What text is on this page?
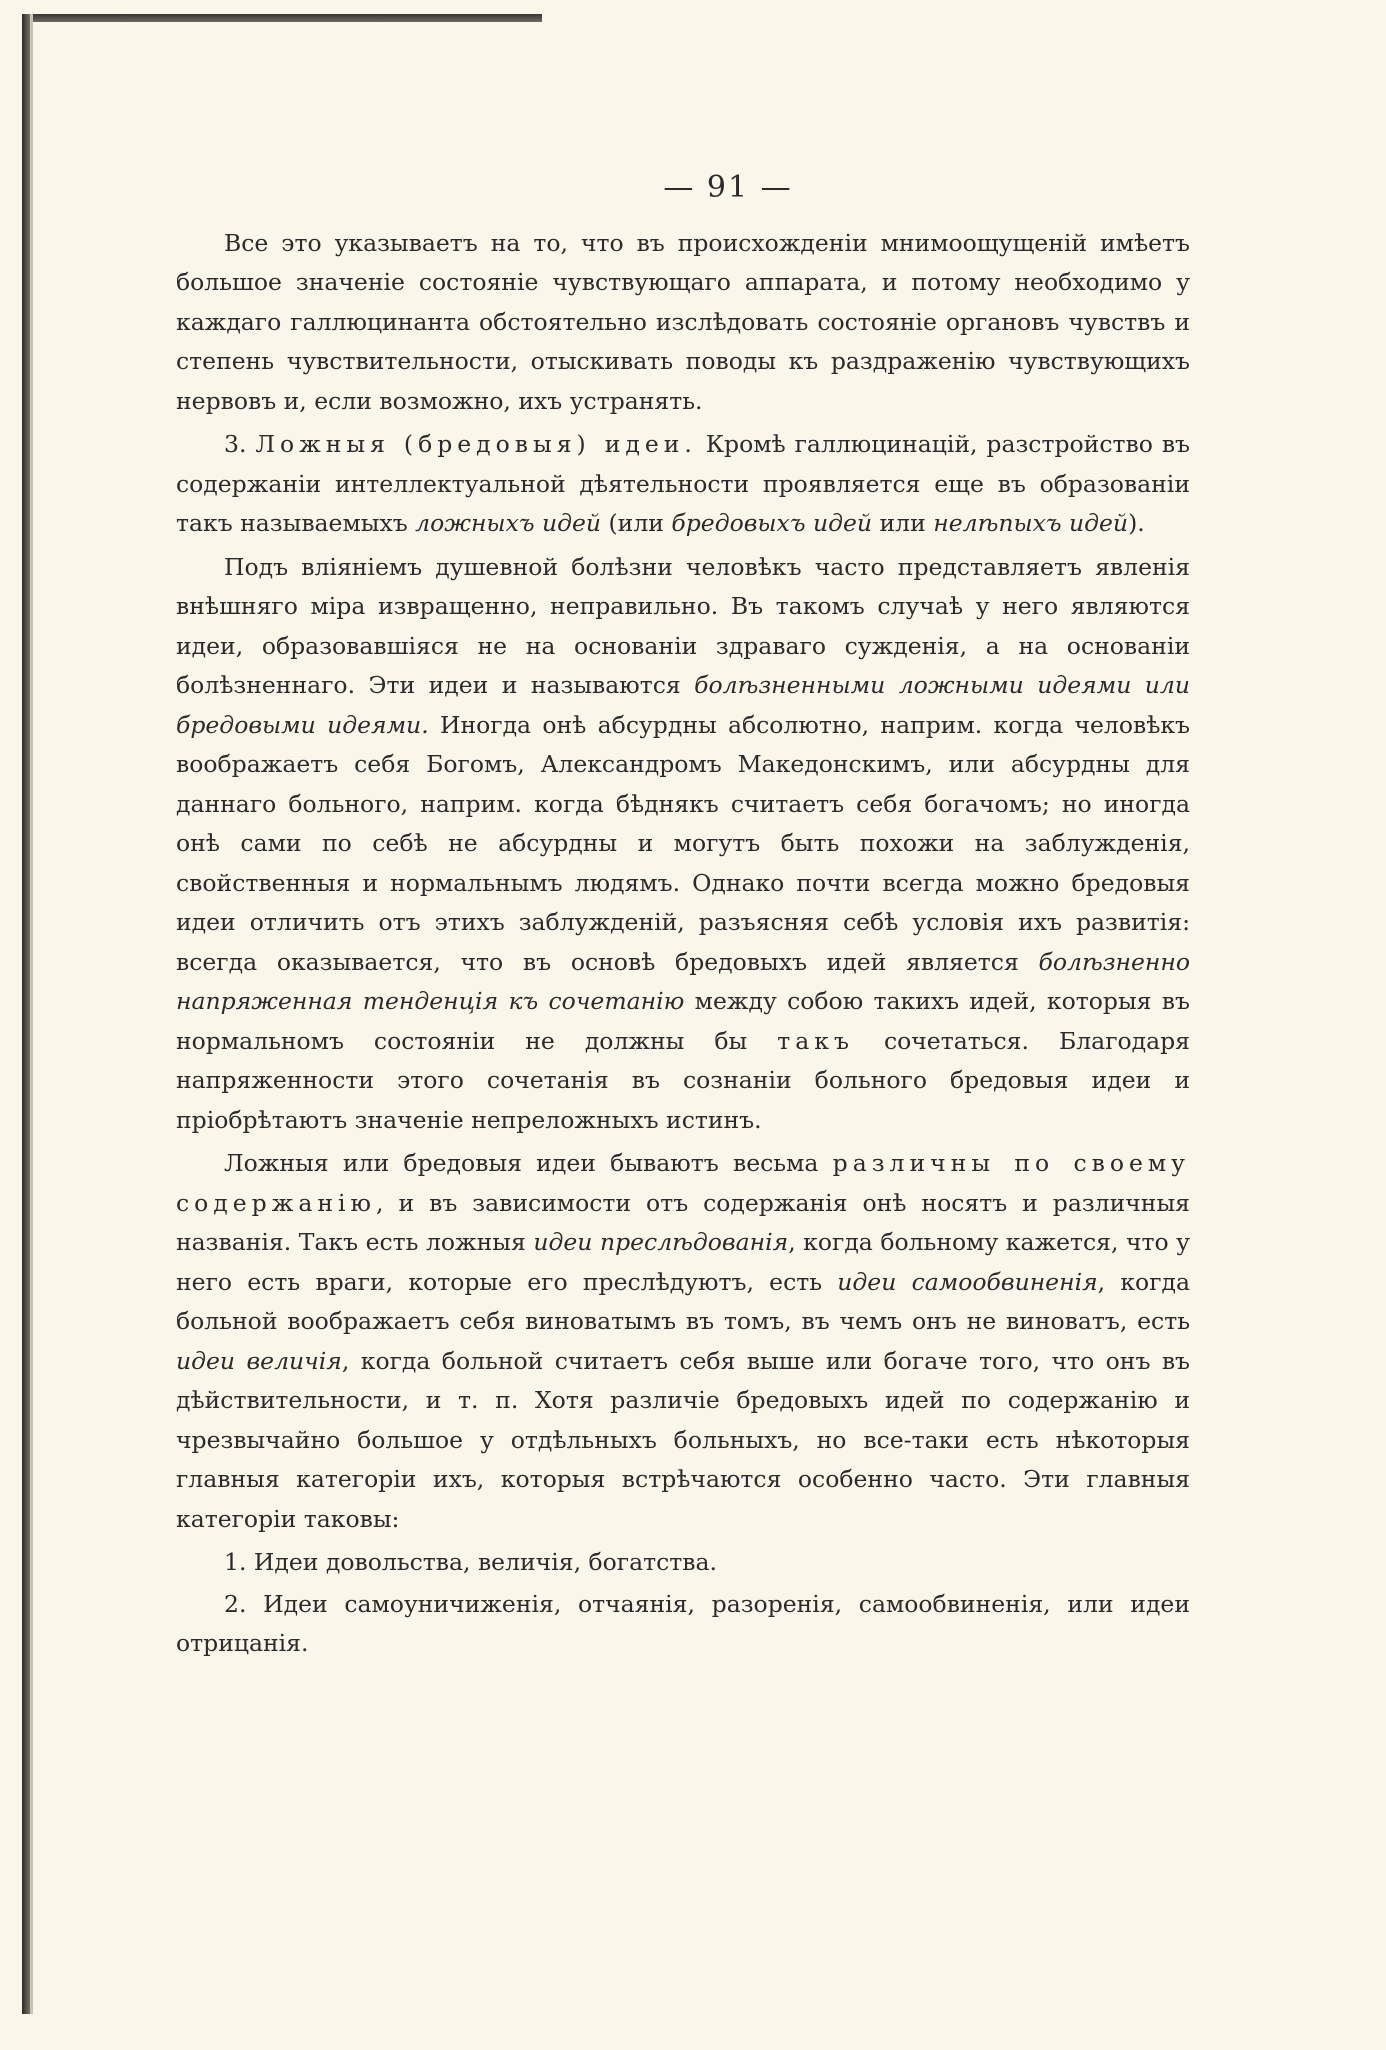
— 91 —

Все это указываетъ на то, что въ происхожденіи мнимоощущеній имѣетъ большое значеніе состояніе чувствующаго аппарата, и потому необходимо у каждаго галлюцинанта обстоятельно изслѣдовать состояніе органовъ чувствъ и степень чувствительности, отыскивать поводы къ раздраженію чувствующихъ нервовъ и, если возможно, ихъ устранять.

3. Ложныя (бредовыя) идеи. Кромѣ галлюцинацій, разстройство въ содержаніи интеллектуальной дѣятельности проявляется еще въ образованіи такъ называемыхъ ложныхъ идей (или бредовыхъ идей или нелѣпыхъ идей).

Подъ вліяніемъ душевной болѣзни человѣкъ часто представляетъ явленія внѣшняго міра извращенно, неправильно. Въ такомъ случаѣ у него являются идеи, образовавшіяся не на основаніи здраваго сужденія, а на основаніи болѣзненнаго. Эти идеи и называются болѣзненными ложными идеями или бредовыми идеями. Иногда онѣ абсурдны абсолютно, наприм. когда человѣкъ воображаетъ себя Богомъ, Александромъ Македонскимъ, или абсурдны для даннаго больного, наприм. когда бѣднякъ считаетъ себя богачомъ; но иногда онѣ сами по себѣ не абсурдны и могутъ быть похожи на заблужденія, свойственныя и нормальнымъ людямъ. Однако почти всегда можно бредовыя идеи отличить отъ этихъ заблужденій, разъясняя себѣ условія ихъ развитія: всегда оказывается, что въ основѣ бредовыхъ идей является болѣзненно напряженная тенденція къ сочетанію между собою такихъ идей, которыя въ нормальномъ состояніи не должны бы такъ сочетаться. Благодаря напряженности этого сочетанія въ сознаніи больного бредовыя идеи и пріобрѣтаютъ значеніе непреложныхъ истинъ.

Ложныя или бредовыя идеи бываютъ весьма различны по своему содержанію, и въ зависимости отъ содержанія онѣ носятъ и различныя названія. Такъ есть ложныя идеи преслѣдованія, когда больному кажется, что у него есть враги, которые его преслѣдуютъ, есть идеи самообвиненія, когда больной воображаетъ себя виноватымъ въ томъ, въ чемъ онъ не виноватъ, есть идеи величія, когда больной считаетъ себя выше или богаче того, что онъ въ дѣйствительности, и т. п. Хотя различіе бредовыхъ идей по содержанію и чрезвычайно большое у отдѣльныхъ больныхъ, но все-таки есть нѣкоторыя главныя категоріи ихъ, которыя встрѣчаются особенно часто. Эти главныя категоріи таковы:

1. Идеи довольства, величія, богатства.

2. Идеи самоуничиженія, отчаянія, разоренія, самообвиненія, или идеи отрицанія.
